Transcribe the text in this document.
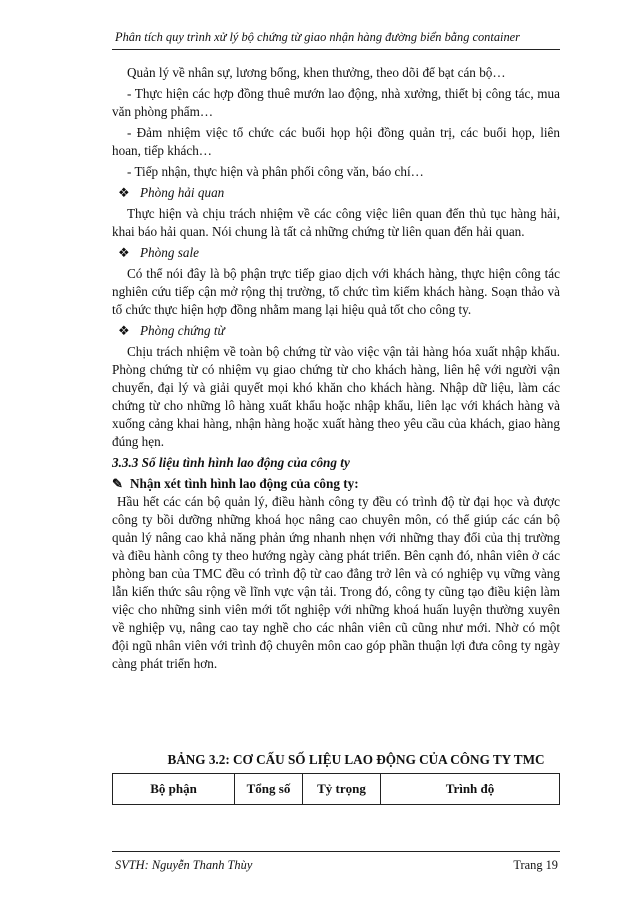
Phân tích quy trình xử lý bộ chứng từ giao nhận hàng đường biển bằng container

Quản lý về nhân sự, lương bổng, khen thưởng, theo dõi để bạt cán bộ…

- Thực hiện các hợp đồng thuê mướn lao động, nhà xưởng, thiết bị công tác, mua văn phòng phẩm…

- Đảm nhiệm việc tổ chức các buổi họp hội đồng quản trị, các buổi họp, liên hoan, tiếp khách…

- Tiếp nhận, thực hiện và phân phối công văn, báo chí…

❖ Phòng hải quan

Thực hiện và chịu trách nhiệm về các công việc liên quan đến thủ tục hàng hải, khai báo hải quan. Nói chung là tất cả những chứng từ liên quan đến hải quan.

❖ Phòng sale

Có thể nói đây là bộ phận trực tiếp giao dịch với khách hàng, thực hiện công tác nghiên cứu tiếp cận mở rộng thị trường, tổ chức tìm kiếm khách hàng. Soạn thảo và tổ chức thực hiện hợp đồng nhằm mang lại hiệu quả tốt cho công ty.

❖ Phòng chứng từ

Chịu trách nhiệm về toàn bộ chứng từ vào việc vận tải hàng hóa xuất nhập khẩu. Phòng chứng từ có nhiệm vụ giao chứng từ cho khách hàng, liên hệ với người vận chuyển, đại lý và giải quyết mọi khó khăn cho khách hàng. Nhập dữ liệu, làm các chứng từ cho những lô hàng xuất khẩu hoặc nhập khẩu, liên lạc với khách hàng và xuống cảng khai hàng, nhận hàng hoặc xuất hàng theo yêu cầu của khách, giao hàng đúng hẹn.

3.3.3 Số liệu tình hình lao động của công ty

✎ Nhận xét tình hình lao động của công ty:

Hầu hết các cán bộ quản lý, điều hành công ty đều có trình độ từ đại học và được công ty bồi dưỡng những khoá học nâng cao chuyên môn, có thể giúp các cán bộ quản lý nâng cao khả năng phản ứng nhanh nhẹn với những thay đổi của thị trường và điều hành công ty theo hướng ngày càng phát triển. Bên cạnh đó, nhân viên ở các phòng ban của TMC đều có trình độ từ cao đẳng trở lên và có nghiệp vụ vững vàng lẫn kiến thức sâu rộng về lĩnh vực vận tải. Trong đó, công ty cũng tạo điều kiện làm việc cho những sinh viên mới tốt nghiệp với những khoá huấn luyện thường xuyên về nghiệp vụ, nâng cao tay nghề cho các nhân viên cũ cũng như mới. Nhờ có một đội ngũ nhân viên với trình độ chuyên môn cao góp phần thuận lợi đưa công ty ngày càng phát triển hơn.

BẢNG 3.2: CƠ CẤU SỐ LIỆU LAO ĐỘNG CỦA CÔNG TY TMC
Bộ phận	Tổng số	Tỷ trọng	Trình độ
SVTH: Nguyễn Thanh Thùy	Trang 19
